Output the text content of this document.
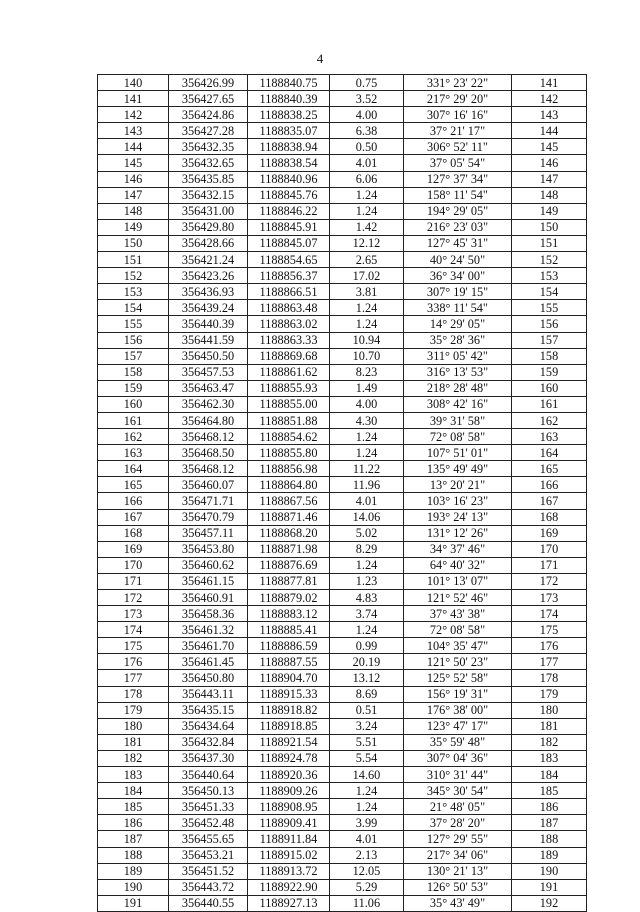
4
140	356426.99	1188840.75	0.75	331° 23' 22"	141
141	356427.65	1188840.39	3.52	217° 29' 20"	142
142	356424.86	1188838.25	4.00	307° 16' 16"	143
143	356427.28	1188835.07	6.38	37° 21' 17"	144
144	356432.35	1188838.94	0.50	306° 52' 11"	145
145	356432.65	1188838.54	4.01	37° 05' 54"	146
146	356435.85	1188840.96	6.06	127° 37' 34"	147
147	356432.15	1188845.76	1.24	158° 11' 54"	148
148	356431.00	1188846.22	1.24	194° 29' 05"	149
149	356429.80	1188845.91	1.42	216° 23' 03"	150
150	356428.66	1188845.07	12.12	127° 45' 31"	151
151	356421.24	1188854.65	2.65	40° 24' 50"	152
152	356423.26	1188856.37	17.02	36° 34' 00"	153
153	356436.93	1188866.51	3.81	307° 19' 15"	154
154	356439.24	1188863.48	1.24	338° 11' 54"	155
155	356440.39	1188863.02	1.24	14° 29' 05"	156
156	356441.59	1188863.33	10.94	35° 28' 36"	157
157	356450.50	1188869.68	10.70	311° 05' 42"	158
158	356457.53	1188861.62	8.23	316° 13' 53"	159
159	356463.47	1188855.93	1.49	218° 28' 48"	160
160	356462.30	1188855.00	4.00	308° 42' 16"	161
161	356464.80	1188851.88	4.30	39° 31' 58"	162
162	356468.12	1188854.62	1.24	72° 08' 58"	163
163	356468.50	1188855.80	1.24	107° 51' 01"	164
164	356468.12	1188856.98	11.22	135° 49' 49"	165
165	356460.07	1188864.80	11.96	13° 20' 21"	166
166	356471.71	1188867.56	4.01	103° 16' 23"	167
167	356470.79	1188871.46	14.06	193° 24' 13"	168
168	356457.11	1188868.20	5.02	131° 12' 26"	169
169	356453.80	1188871.98	8.29	34° 37' 46"	170
170	356460.62	1188876.69	1.24	64° 40' 32"	171
171	356461.15	1188877.81	1.23	101° 13' 07"	172
172	356460.91	1188879.02	4.83	121° 52' 46"	173
173	356458.36	1188883.12	3.74	37° 43' 38"	174
174	356461.32	1188885.41	1.24	72° 08' 58"	175
175	356461.70	1188886.59	0.99	104° 35' 47"	176
176	356461.45	1188887.55	20.19	121° 50' 23"	177
177	356450.80	1188904.70	13.12	125° 52' 58"	178
178	356443.11	1188915.33	8.69	156° 19' 31"	179
179	356435.15	1188918.82	0.51	176° 38' 00"	180
180	356434.64	1188918.85	3.24	123° 47' 17"	181
181	356432.84	1188921.54	5.51	35° 59' 48"	182
182	356437.30	1188924.78	5.54	307° 04' 36"	183
183	356440.64	1188920.36	14.60	310° 31' 44"	184
184	356450.13	1188909.26	1.24	345° 30' 54"	185
185	356451.33	1188908.95	1.24	21° 48' 05"	186
186	356452.48	1188909.41	3.99	37° 28' 20"	187
187	356455.65	1188911.84	4.01	127° 29' 55"	188
188	356453.21	1188915.02	2.13	217° 34' 06"	189
189	356451.52	1188913.72	12.05	130° 21' 13"	190
190	356443.72	1188922.90	5.29	126° 50' 53"	191
191	356440.55	1188927.13	11.06	35° 43' 49"	192
